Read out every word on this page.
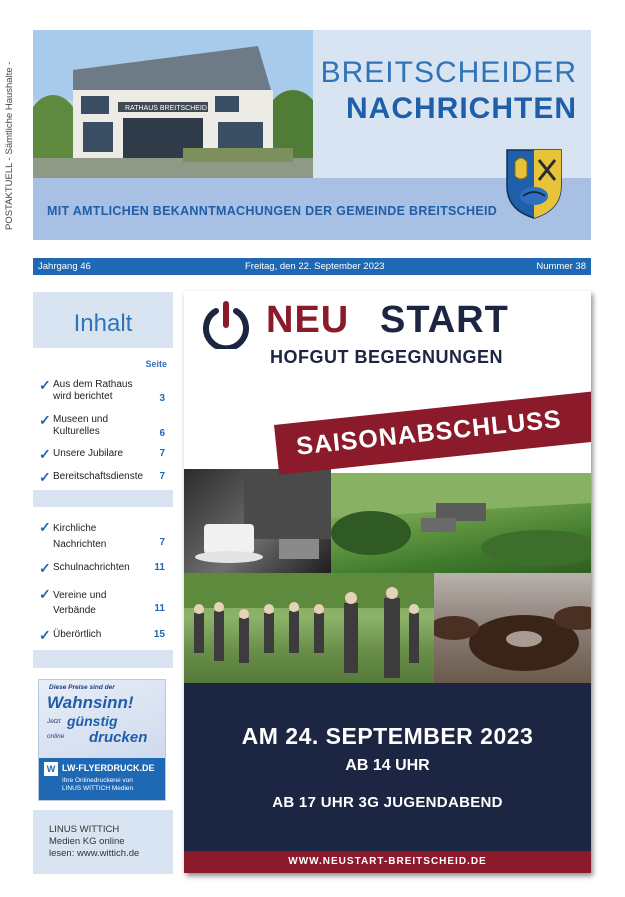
POSTAKTUELL - Sämtliche Haushalte -	RATHAUS BREITSCHEID
BREITSCHEIDER
NACHRICHTEN
MIT AMTLICHEN BEKANNTMACHUNGEN DER GEMEINDE BREITSCHEID
Jahrgang 46	Freitag, den 22. September 2023	Nummer 38
Inhalt
Seite
✓ Aus dem Rathaus wird berichtet	3
✓ Museen und Kulturelles	6
✓ Unsere Jubilare	7
✓ Bereitschaftsdienste	7
✓ Kirchliche Nachrichten	7
✓ Schulnachrichten	11
✓ Vereine und Verbände	11
✓ Überörtlich	15
Diese Preise sind der
Wahnsinn!
Jetzt günstig
online drucken
W LW-FLYERDRUCK.DE
Ihre Onlinedruckerei von
LINUS WITTICH Medien
LINUS WITTICH
Medien KG online
lesen: www.wittich.de
NEU START
HOFGUT BEGEGNUNGEN
SAISONABSCHLUSS
AM 24. SEPTEMBER 2023
AB 14 UHR
AB 17 UHR 3G JUGENDABEND
WWW.NEUSTART-BREITSCHEID.DE
